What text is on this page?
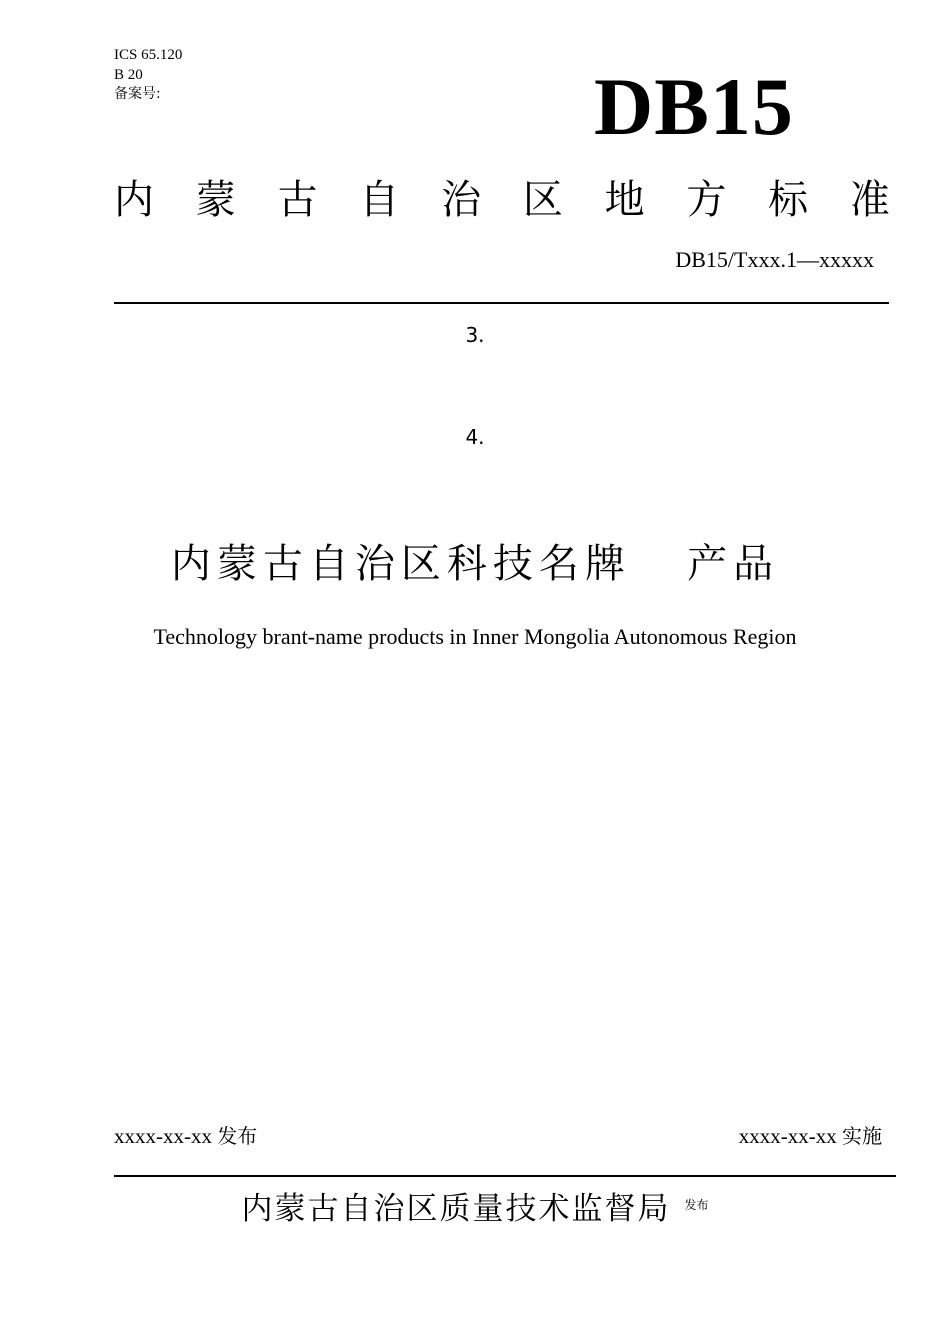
ICS 65.120
B 20
备案号:	DB15
内 蒙 古 自 治 区 地 方 标 准
DB15/Txxx.1—xxxxx
3.
4.
内蒙古自治区科技名牌   产品
Technology brant-name products in Inner Mongolia Autonomous Region
xxxx-xx-xx 发布	xxxx-xx-xx 实施
内蒙古自治区质量技术监督局 $^{发布}$
